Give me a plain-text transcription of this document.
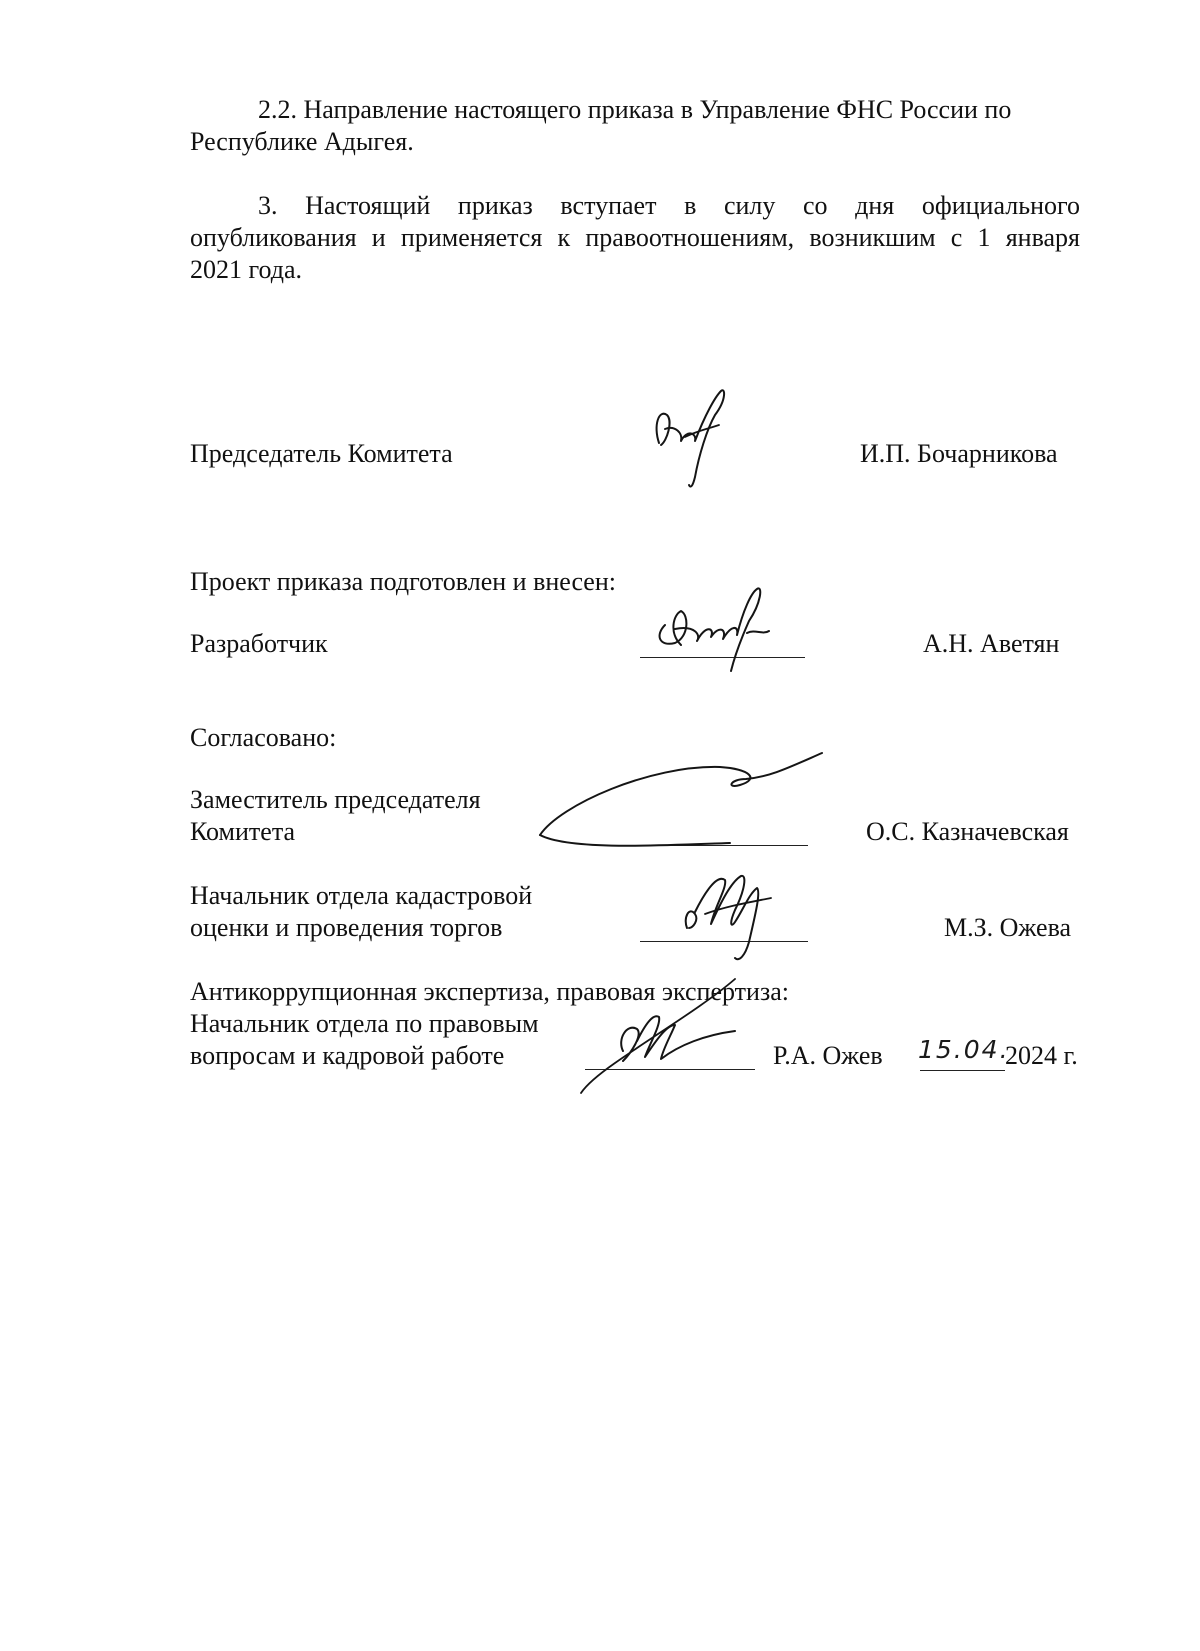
2.2. Направление настоящего приказа в Управление ФНС России по
Республике Адыгея.
3. Настоящий приказ вступает в силу со дня официального
опубликования и применяется к правоотношениям, возникшим с 1 января
2021 года.
Председатель Комитета	И.П. Бочарникова
Проект приказа подготовлен и внесен:
Разработчик	А.Н. Аветян
Согласовано:
Заместитель председателя
Комитета	О.С. Казначевская
Начальник отдела кадастровой
оценки и проведения торгов	М.З. Ожева
Антикоррупционная экспертиза, правовая экспертиза:
Начальник отдела по правовым
вопросам и кадровой работе	Р.А. Ожев 15.04.
2024 г.
